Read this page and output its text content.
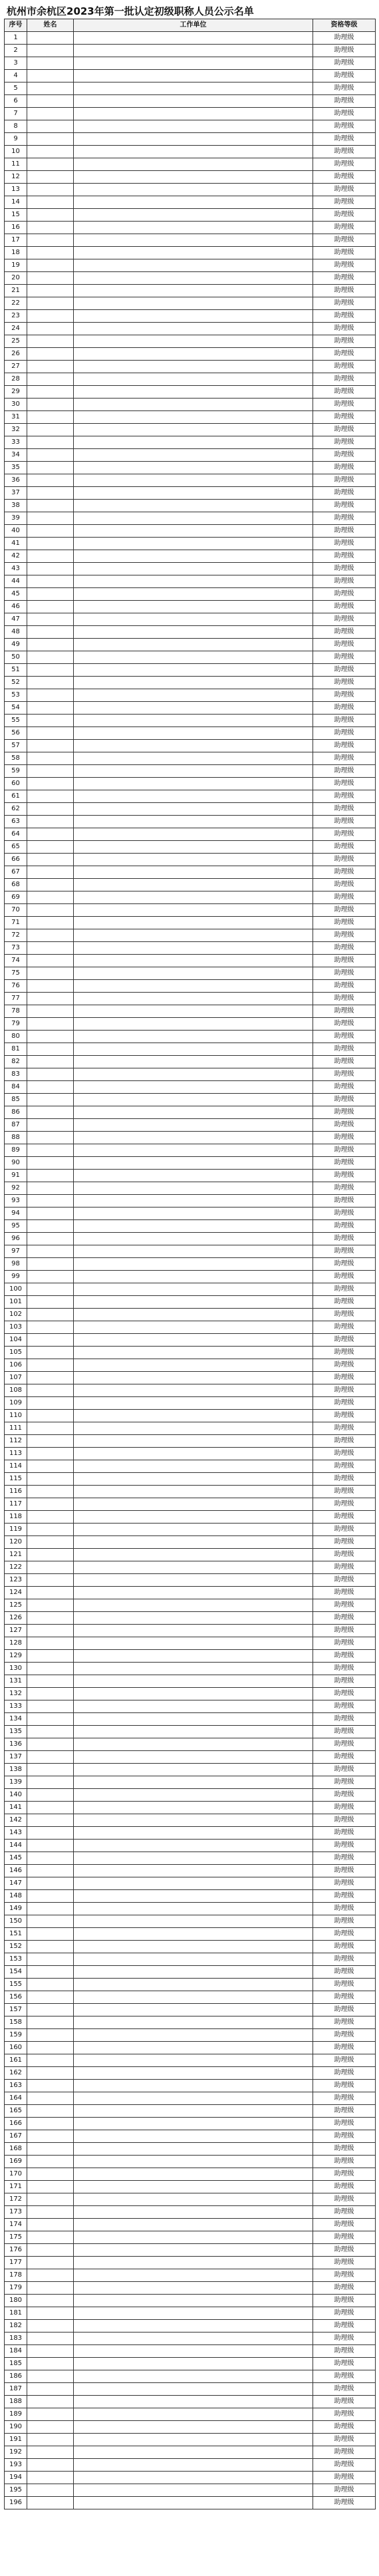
杭州市余杭区2023年第一批认定初级职称人员公示名单
序号	姓名	工作单位	资格等级
1			助理级
2			助理级
3			助理级
4			助理级
5			助理级
6			助理级
7			助理级
8			助理级
9			助理级
10			助理级
11			助理级
12			助理级
13			助理级
14			助理级
15			助理级
16			助理级
17			助理级
18			助理级
19			助理级
20			助理级
21			助理级
22			助理级
23			助理级
24			助理级
25			助理级
26			助理级
27			助理级
28			助理级
29			助理级
30			助理级
31			助理级
32			助理级
33			助理级
34			助理级
35			助理级
36			助理级
37			助理级
38			助理级
39			助理级
40			助理级
41			助理级
42			助理级
43			助理级
44			助理级
45			助理级
46			助理级
47			助理级
48			助理级
49			助理级
50			助理级
51			助理级
52			助理级
53			助理级
54			助理级
55			助理级
56			助理级
57			助理级
58			助理级
59			助理级
60			助理级
61			助理级
62			助理级
63			助理级
64			助理级
65			助理级
66			助理级
67			助理级
68			助理级
69			助理级
70			助理级
71			助理级
72			助理级
73			助理级
74			助理级
75			助理级
76			助理级
77			助理级
78			助理级
79			助理级
80			助理级
81			助理级
82			助理级
83			助理级
84			助理级
85			助理级
86			助理级
87			助理级
88			助理级
89			助理级
90			助理级
91			助理级
92			助理级
93			助理级
94			助理级
95			助理级
96			助理级
97			助理级
98			助理级
99			助理级
100			助理级
101			助理级
102			助理级
103			助理级
104			助理级
105			助理级
106			助理级
107			助理级
108			助理级
109			助理级
110			助理级
111			助理级
112			助理级
113			助理级
114			助理级
115			助理级
116			助理级
117			助理级
118			助理级
119			助理级
120			助理级
121			助理级
122			助理级
123			助理级
124			助理级
125			助理级
126			助理级
127			助理级
128			助理级
129			助理级
130			助理级
131			助理级
132			助理级
133			助理级
134			助理级
135			助理级
136			助理级
137			助理级
138			助理级
139			助理级
140			助理级
141			助理级
142			助理级
143			助理级
144			助理级
145			助理级
146			助理级
147			助理级
148			助理级
149			助理级
150			助理级
151			助理级
152			助理级
153			助理级
154			助理级
155			助理级
156			助理级
157			助理级
158			助理级
159			助理级
160			助理级
161			助理级
162			助理级
163			助理级
164			助理级
165			助理级
166			助理级
167			助理级
168			助理级
169			助理级
170			助理级
171			助理级
172			助理级
173			助理级
174			助理级
175			助理级
176			助理级
177			助理级
178			助理级
179			助理级
180			助理级
181			助理级
182			助理级
183			助理级
184			助理级
185			助理级
186			助理级
187			助理级
188			助理级
189			助理级
190			助理级
191			助理级
192			助理级
193			助理级
194			助理级
195			助理级
196			助理级
